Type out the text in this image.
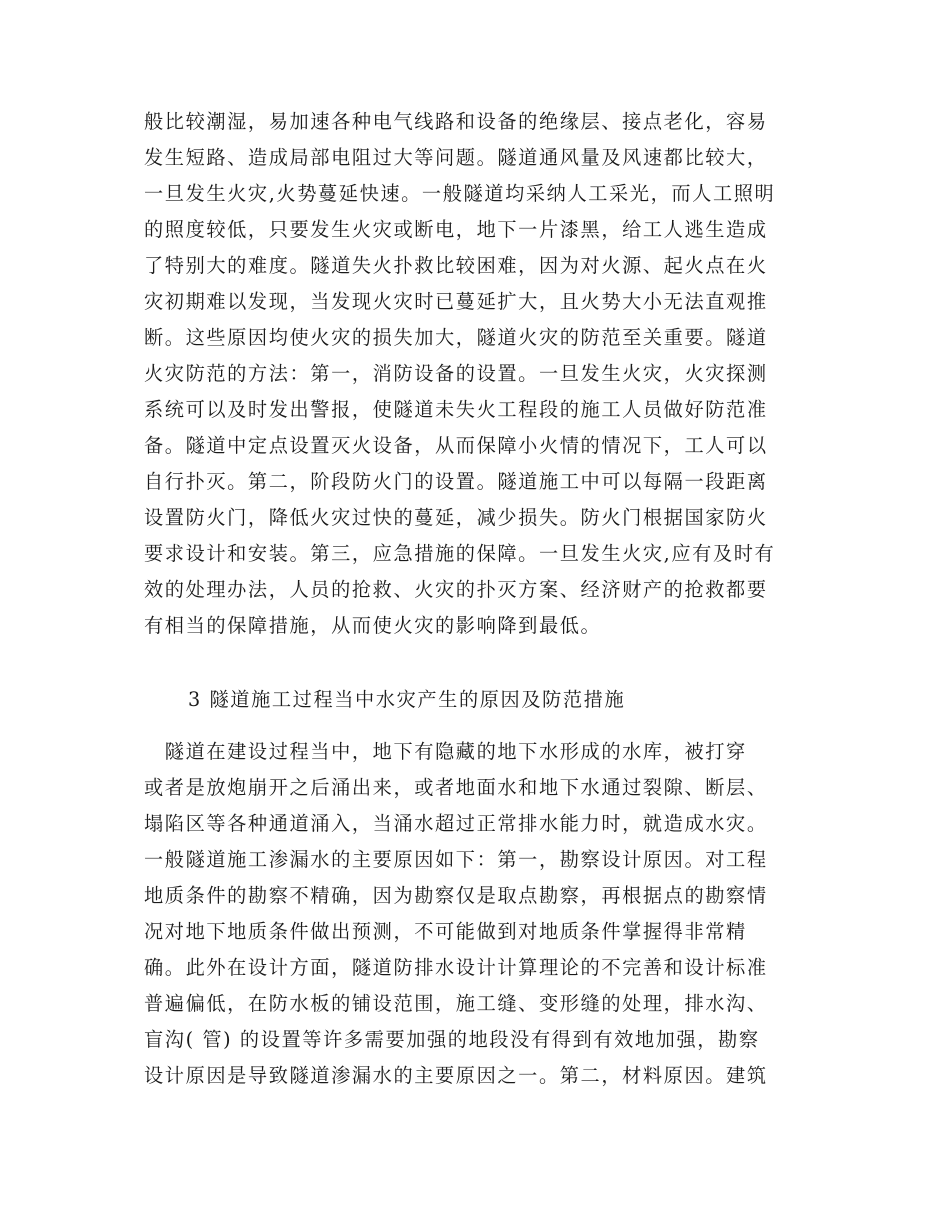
般比较潮湿，易加速各种电气线路和设备的绝缘层、接点老化，容易
发生短路、造成局部电阻过大等问题。隧道通风量及风速都比较大，
一旦发生火灾,火势蔓延快速。一般隧道均采纳人工采光，而人工照明
的照度较低，只要发生火灾或断电，地下一片漆黑，给工人逃生造成
了特别大的难度。隧道失火扑救比较困难，因为对火源、起火点在火
灾初期难以发现，当发现火灾时已蔓延扩大，且火势大小无法直观推
断。这些原因均使火灾的损失加大，隧道火灾的防范至关重要。隧道
火灾防范的方法：第一，消防设备的设置。一旦发生火灾，火灾探测
系统可以及时发出警报，使隧道未失火工程段的施工人员做好防范准
备。隧道中定点设置灭火设备，从而保障小火情的情况下，工人可以
自行扑灭。第二，阶段防火门的设置。隧道施工中可以每隔一段距离
设置防火门，降低火灾过快的蔓延，减少损失。防火门根据国家防火
要求设计和安装。第三，应急措施的保障。一旦发生火灾,应有及时有
效的处理办法，人员的抢救、火灾的扑灭方案、经济财产的抢救都要
有相当的保障措施，从而使火灾的影响降到最低。
3 隧道施工过程当中水灾产生的原因及防范措施
　隧道在建设过程当中，地下有隐藏的地下水形成的水库，被打穿
或者是放炮崩开之后涌出来，或者地面水和地下水通过裂隙、断层、
塌陷区等各种通道涌入，当涌水超过正常排水能力时，就造成水灾。
一般隧道施工渗漏水的主要原因如下：第一，勘察设计原因。对工程
地质条件的勘察不精确，因为勘察仅是取点勘察，再根据点的勘察情
况对地下地质条件做出预测，不可能做到对地质条件掌握得非常精
确。此外在设计方面，隧道防排水设计计算理论的不完善和设计标准
普遍偏低，在防水板的铺设范围，施工缝、变形缝的处理，排水沟、
盲沟( 管) 的设置等许多需要加强的地段没有得到有效地加强，勘察
设计原因是导致隧道渗漏水的主要原因之一。第二，材料原因。建筑
